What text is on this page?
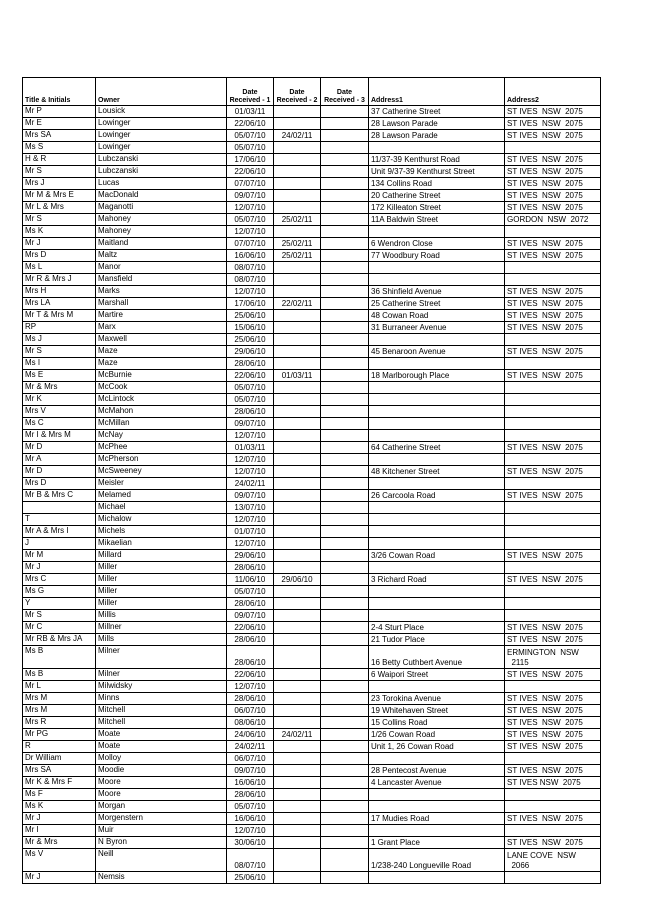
Title & Initials	Owner	Date Received - 1	Date Received - 2	Date Received - 3	Address1	Address2
Mr P	Lousick	01/03/11			37 Catherine Street	ST IVES  NSW  2075
Mr E	Lowinger	22/06/10			28 Lawson Parade	ST IVES  NSW  2075
Mrs SA	Lowinger	05/07/10	24/02/11		28 Lawson Parade	ST IVES  NSW  2075
Ms S	Lowinger	05/07/10				
H & R	Lubczanski	17/06/10			11/37-39 Kenthurst Road	ST IVES  NSW  2075
Mr S	Lubczanski	22/06/10			Unit 9/37-39 Kenthurst Street	ST IVES  NSW  2075
Mrs J	Lucas	07/07/10			134 Collins Road	ST IVES  NSW  2075
Mr M & Mrs E	MacDonald	09/07/10			20 Catherine Street	ST IVES  NSW  2075
Mr L & Mrs	Maganotti	12/07/10			172 Killeaton Street	ST IVES  NSW  2075
Mr S	Mahoney	05/07/10	25/02/11		11A Baldwin Street	GORDON  NSW  2072
Ms K	Mahoney	12/07/10				
Mr J	Maitland	07/07/10	25/02/11		6 Wendron Close	ST IVES  NSW  2075
Mrs D	Maltz	16/06/10	25/02/11		77 Woodbury Road	ST IVES  NSW  2075
Ms L	Manor	08/07/10				
Mr R & Mrs J	Mansfield	08/07/10				
Mrs H	Marks	12/07/10			36 Shinfield Avenue	ST IVES  NSW  2075
Mrs LA	Marshall	17/06/10	22/02/11		25 Catherine Street	ST IVES  NSW  2075
Mr T & Mrs M	Martire	25/06/10			48 Cowan Road	ST IVES  NSW  2075
RP	Marx	15/06/10			31 Burraneer Avenue	ST IVES  NSW  2075
Ms J	Maxwell	25/06/10				
Mr S	Maze	29/06/10			45 Benaroon Avenue	ST IVES  NSW  2075
Ms I	Maze	28/06/10				
Ms E	McBurnie	22/06/10	01/03/11		18 Marlborough Place	ST IVES  NSW  2075
Mr & Mrs	McCook	05/07/10				
Mr K	McLintock	05/07/10				
Mrs V	McMahon	28/06/10				
Ms C	McMillan	09/07/10				
Mr I & Mrs M	McNay	12/07/10				
Mr D	McPhee	01/03/11			64 Catherine Street	ST IVES  NSW  2075
Mr A	McPherson	12/07/10				
Mr D	McSweeney	12/07/10			48 Kitchener Street	ST IVES  NSW  2075
Mrs D	Meisler	24/02/11				
Mr B & Mrs C	Melamed	09/07/10			26 Carcoola Road	ST IVES  NSW  2075
	Michael	13/07/10				
T	Michalow	12/07/10				
Mr A & Mrs I	Michels	01/07/10				
J	Mikaelian	12/07/10				
Mr M	Millard	29/06/10			3/26 Cowan Road	ST IVES  NSW  2075
Mr J	Miller	28/06/10				
Mrs C	Miller	11/06/10	29/06/10		3 Richard Road	ST IVES  NSW  2075
Ms G	Miller	05/07/10				
Y	Miller	28/06/10				
Mr S	Millis	09/07/10				
Mr C	Millner	22/06/10			2-4 Sturt Place	ST IVES  NSW  2075
Mr RB & Mrs JA	Mills	28/06/10			21 Tudor Place	ST IVES  NSW  2075
Ms B	Milner	28/06/10			16 Betty Cuthbert Avenue	ERMINGTON  NSW
2115
Ms B	Milner	22/06/10			6 Waipori Street	ST IVES  NSW  2075
Mr L	Milwidsky	12/07/10				
Mrs M	Minns	28/06/10			23 Torokina Avenue	ST IVES  NSW  2075
Mrs M	Mitchell	06/07/10			19 Whitehaven Street	ST IVES  NSW  2075
Mrs R	Mitchell	08/06/10			15 Collins Road	ST IVES  NSW  2075
Mr PG	Moate	24/06/10	24/02/11		1/26 Cowan Road	ST IVES  NSW  2075
R	Moate	24/02/11			Unit 1, 26 Cowan Road	ST IVES  NSW  2075
Dr William	Molloy	06/07/10				
Mrs SA	Moodie	09/07/10			28 Pentecost Avenue	ST IVES  NSW  2075
Mr K & Mrs F	Moore	16/06/10			4 Lancaster Avenue	ST IVES NSW  2075
Ms F	Moore	28/06/10				
Ms K	Morgan	05/07/10				
Mr J	Morgenstern	16/06/10			17 Mudies Road	ST IVES  NSW  2075
Mr I	Muir	12/07/10				
Mr & Mrs	N Byron	30/06/10			1 Grant Place	ST IVES  NSW  2075
Ms V	Neill	08/07/10			1/238-240 Longueville Road	LANE COVE  NSW
2066
Mr J	Nemsis	25/06/10				
